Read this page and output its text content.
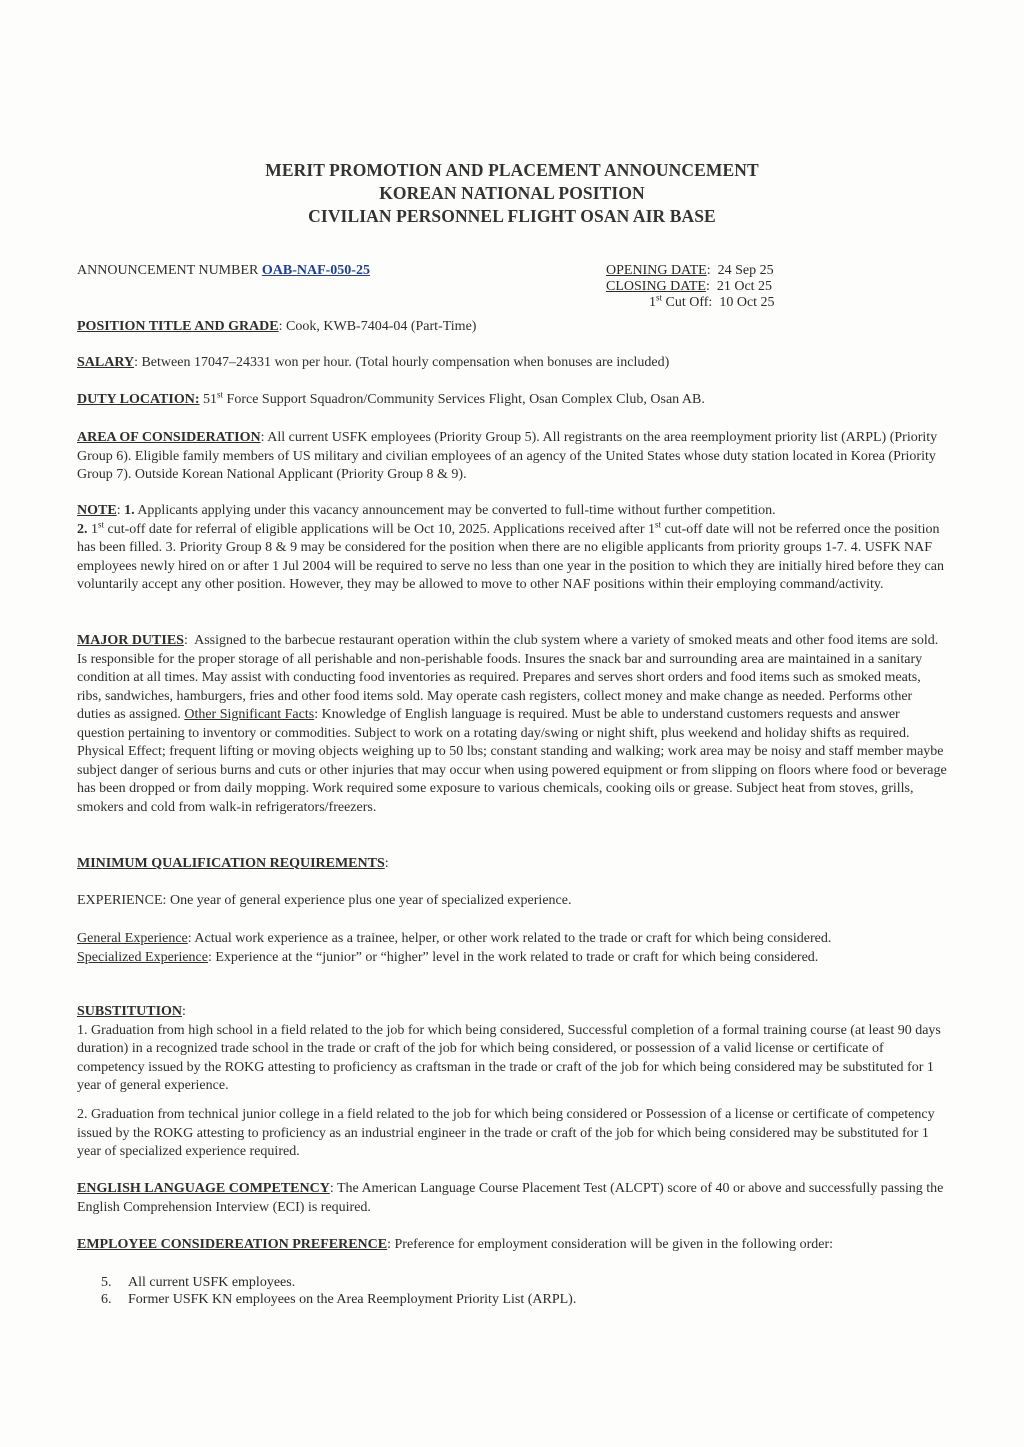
MERIT PROMOTION AND PLACEMENT ANNOUNCEMENT
KOREAN NATIONAL POSITION
CIVILIAN PERSONNEL FLIGHT OSAN AIR BASE
ANNOUNCEMENT NUMBER OAB-NAF-050-25	OPENING DATE:  24 Sep 25
CLOSING DATE:  21 Oct 25
1st Cut Off: 10 Oct 25
POSITION TITLE AND GRADE: Cook, KWB-7404-04 (Part-Time)
SALARY: Between 17047–24331 won per hour. (Total hourly compensation when bonuses are included)
DUTY LOCATION: 51st Force Support Squadron/Community Services Flight, Osan Complex Club, Osan AB.
AREA OF CONSIDERATION: All current USFK employees (Priority Group 5). All registrants on the area reemployment priority list (ARPL) (Priority Group 6). Eligible family members of US military and civilian employees of an agency of the United States whose duty station located in Korea (Priority Group 7). Outside Korean National Applicant (Priority Group 8 & 9).
NOTE: 1. Applicants applying under this vacancy announcement may be converted to full-time without further competition.
2. 1st cut-off date for referral of eligible applications will be Oct 10, 2025. Applications received after 1st cut-off date will not be referred once the position has been filled. 3. Priority Group 8 & 9 may be considered for the position when there are no eligible applicants from priority groups 1-7. 4. USFK NAF employees newly hired on or after 1 Jul 2004 will be required to serve no less than one year in the position to which they are initially hired before they can voluntarily accept any other position. However, they may be allowed to move to other NAF positions within their employing command/activity.
MAJOR DUTIES:  Assigned to the barbecue restaurant operation within the club system where a variety of smoked meats and other food items are sold. Is responsible for the proper storage of all perishable and non-perishable foods. Insures the snack bar and surrounding area are maintained in a sanitary condition at all times. May assist with conducting food inventories as required. Prepares and serves short orders and food items such as smoked meats, ribs, sandwiches, hamburgers, fries and other food items sold. May operate cash registers, collect money and make change as needed. Performs other duties as assigned. Other Significant Facts: Knowledge of English language is required. Must be able to understand customers requests and answer question pertaining to inventory or commodities. Subject to work on a rotating day/swing or night shift, plus weekend and holiday shifts as required. Physical Effect; frequent lifting or moving objects weighing up to 50 lbs; constant standing and walking; work area may be noisy and staff member maybe subject danger of serious burns and cuts or other injuries that may occur when using powered equipment or from slipping on floors where food or beverage has been dropped or from daily mopping. Work required some exposure to various chemicals, cooking oils or grease. Subject heat from stoves, grills, smokers and cold from walk-in refrigerators/freezers.
MINIMUM QUALIFICATION REQUIREMENTS:
EXPERIENCE: One year of general experience plus one year of specialized experience.
General Experience: Actual work experience as a trainee, helper, or other work related to the trade or craft for which being considered.
Specialized Experience: Experience at the “junior” or “higher” level in the work related to trade or craft for which being considered.
SUBSTITUTION:
1. Graduation from high school in a field related to the job for which being considered, Successful completion of a formal training course (at least 90 days duration) in a recognized trade school in the trade or craft of the job for which being considered, or possession of a valid license or certificate of competency issued by the ROKG attesting to proficiency as craftsman in the trade or craft of the job for which being considered may be substituted for 1 year of general experience.
2. Graduation from technical junior college in a field related to the job for which being considered or Possession of a license or certificate of competency issued by the ROKG attesting to proficiency as an industrial engineer in the trade or craft of the job for which being considered may be substituted for 1 year of specialized experience required.
ENGLISH LANGUAGE COMPETENCY: The American Language Course Placement Test (ALCPT) score of 40 or above and successfully passing the English Comprehension Interview (ECI) is required.
EMPLOYEE CONSIDEREATION PREFERENCE: Preference for employment consideration will be given in the following order:
5. All current USFK employees.
6. Former USFK KN employees on the Area Reemployment Priority List (ARPL).
